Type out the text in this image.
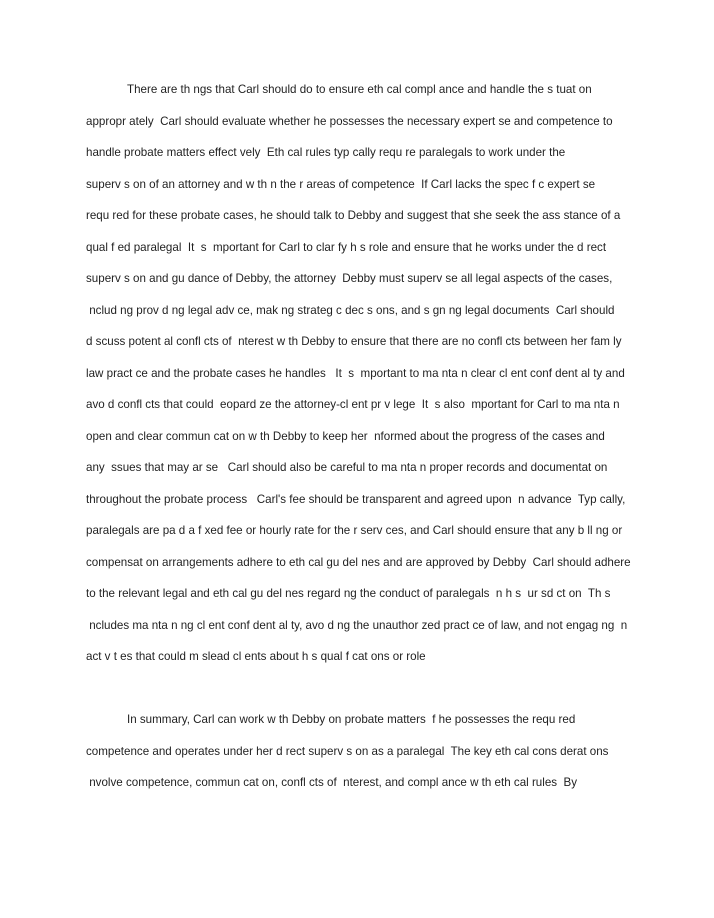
There are th ngs that Carl should do to ensure eth cal compl ance and handle the s tuat on
appropr ately  Carl should evaluate whether he possesses the necessary expert se and competence to
handle probate matters effect vely  Eth cal rules typ cally requ re paralegals to work under the
superv s on of an attorney and w th n the r areas of competence  If Carl lacks the spec f c expert se
requ red for these probate cases, he should talk to Debby and suggest that she seek the ass stance of a
qual f ed paralegal  It  s  mportant for Carl to clar fy h s role and ensure that he works under the d rect
superv s on and gu dance of Debby, the attorney  Debby must superv se all legal aspects of the cases,
nclud ng prov d ng legal adv ce, mak ng strateg c dec s ons, and s gn ng legal documents  Carl should
d scuss potent al confl cts of  nterest w th Debby to ensure that there are no confl cts between her fam ly
law pract ce and the probate cases he handles   It  s  mportant to ma nta n clear cl ent conf dent al ty and
avo d confl cts that could  eopard ze the attorney-cl ent pr v lege  It  s also  mportant for Carl to ma nta n
open and clear commun cat on w th Debby to keep her  nformed about the progress of the cases and
any  ssues that may ar se   Carl should also be careful to ma nta n proper records and documentat on
throughout the probate process   Carl's fee should be transparent and agreed upon  n advance  Typ cally,
paralegals are pa d a f xed fee or hourly rate for the r serv ces, and Carl should ensure that any b ll ng or
compensat on arrangements adhere to eth cal gu del nes and are approved by Debby  Carl should adhere
to the relevant legal and eth cal gu del nes regard ng the conduct of paralegals  n h s  ur sd ct on  Th s
ncludes ma nta n ng cl ent conf dent al ty, avo d ng the unauthor zed pract ce of law, and not engag ng  n
act v t es that could m slead cl ents about h s qual f cat ons or role
In summary, Carl can work w th Debby on probate matters  f he possesses the requ red
competence and operates under her d rect superv s on as a paralegal  The key eth cal cons derat ons
nvolve competence, commun cat on, confl cts of  nterest, and compl ance w th eth cal rules  By
